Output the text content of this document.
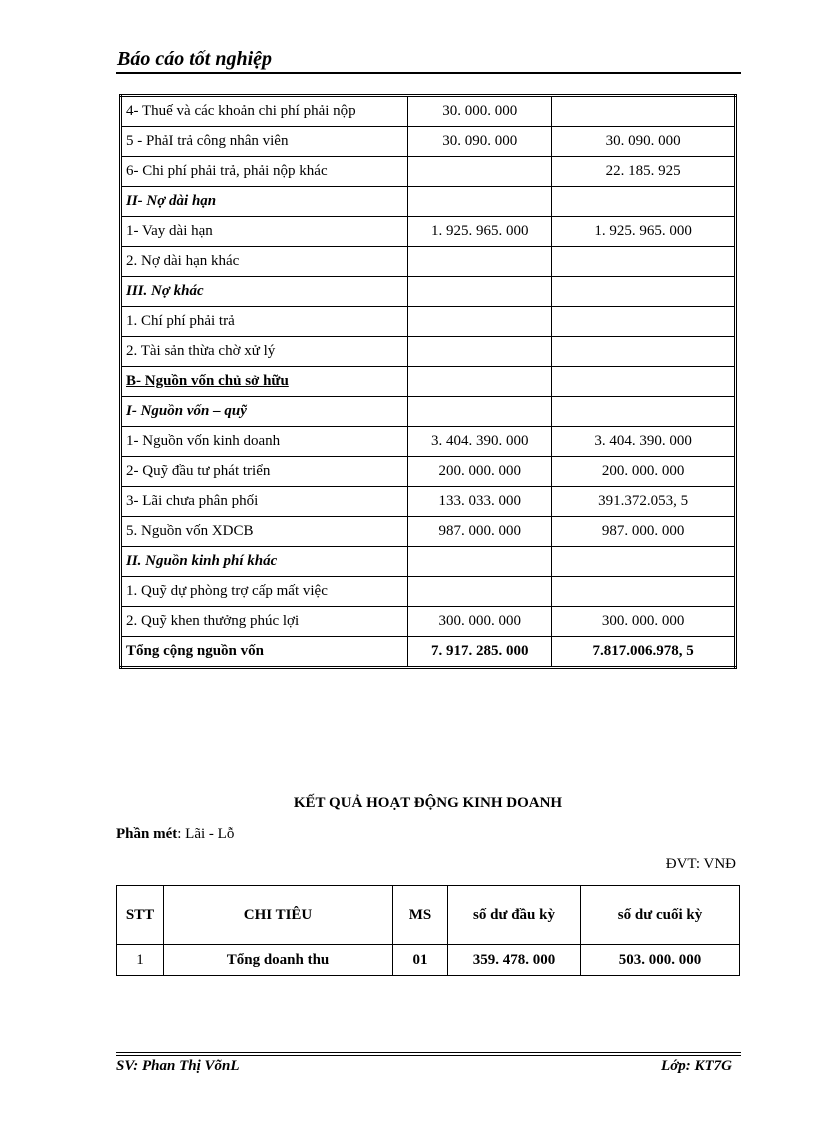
Báo cáo tốt nghiệp
4- Thuế và các khoản chi phí phải nộp	30. 000. 000	
5 - PhảI trả công nhân viên	30. 090. 000	30. 090. 000
6- Chi phí phải trả, phải nộp khác		22. 185. 925
II- Nợ dài hạn		
1- Vay dài hạn	1. 925. 965. 000	1. 925. 965. 000
2. Nợ dài hạn khác		
III. Nợ khác		
1. Chí phí phải trả		
2. Tài sản thừa chờ xử lý		
B- Nguồn vốn chủ sở hữu		
I- Nguồn vốn – quỹ		
1- Nguồn vốn kinh doanh	3. 404. 390. 000	3. 404. 390. 000
2- Quỹ đầu tư phát triển	200. 000. 000	200. 000. 000
3- Lãi chưa phân phối	133. 033. 000	391.372.053, 5
5. Nguồn vốn XDCB	987. 000. 000	987. 000. 000
II. Nguồn kinh phí khác		
1. Quỹ dự phòng trợ cấp mất việc		
2. Quỹ khen thưởng phúc lợi	300. 000. 000	300. 000. 000
Tổng cộng nguồn vốn	7. 917. 285. 000	7.817.006.978, 5
KẾT QUẢ HOẠT ĐỘNG KINH DOANH
Phần mét: Lãi - Lỗ
ĐVT: VNĐ
STT	CHI TIÊU	MS	số dư đầu kỳ	số dư cuối kỳ
1	Tổng doanh thu	01	359. 478. 000	503. 000. 000
SV: Phan Thị VõnL	Lớp: KT7G
